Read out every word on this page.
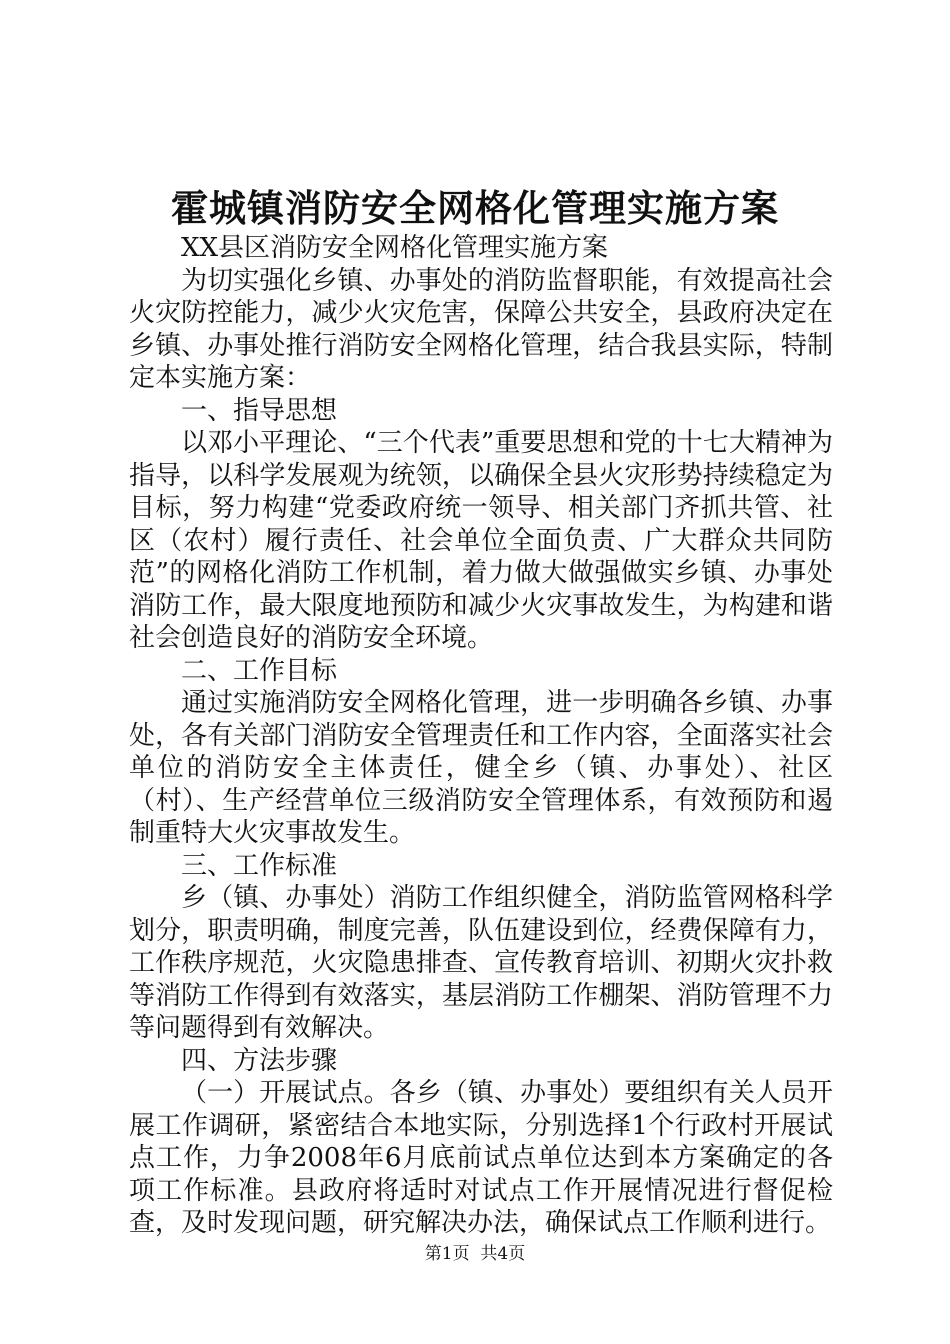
霍城镇消防安全网格化管理实施方案

XX县区消防安全网格化管理实施方案

为切实强化乡镇、办事处的消防监督职能，有效提高社会火灾防控能力，减少火灾危害，保障公共安全，县政府决定在乡镇、办事处推行消防安全网格化管理，结合我县实际，特制定本实施方案：

一、指导思想

以邓小平理论、“三个代表”重要思想和党的十七大精神为指导，以科学发展观为统领，以确保全县火灾形势持续稳定为目标，努力构建“党委政府统一领导、相关部门齐抓共管、社区（农村）履行责任、社会单位全面负责、广大群众共同防范”的网格化消防工作机制，着力做大做强做实乡镇、办事处消防工作，最大限度地预防和减少火灾事故发生，为构建和谐社会创造良好的消防安全环境。

二、工作目标

通过实施消防安全网格化管理，进一步明确各乡镇、办事处，各有关部门消防安全管理责任和工作内容，全面落实社会单位的消防安全主体责任，健全乡（镇、办事处）、社区（村）、生产经营单位三级消防安全管理体系，有效预防和遏制重特大火灾事故发生。

三、工作标准

乡（镇、办事处）消防工作组织健全，消防监管网格科学划分，职责明确，制度完善，队伍建设到位，经费保障有力，工作秩序规范，火灾隐患排查、宣传教育培训、初期火灾扑救等消防工作得到有效落实，基层消防工作棚架、消防管理不力等问题得到有效解决。

四、方法步骤

（一）开展试点。各乡（镇、办事处）要组织有关人员开展工作调研，紧密结合本地实际，分别选择1个行政村开展试点工作，力争2008年6月底前试点单位达到本方案确定的各项工作标准。县政府将适时对试点工作开展情况进行督促检查，及时发现问题，研究解决办法，确保试点工作顺利进行。

第1页 共4页
